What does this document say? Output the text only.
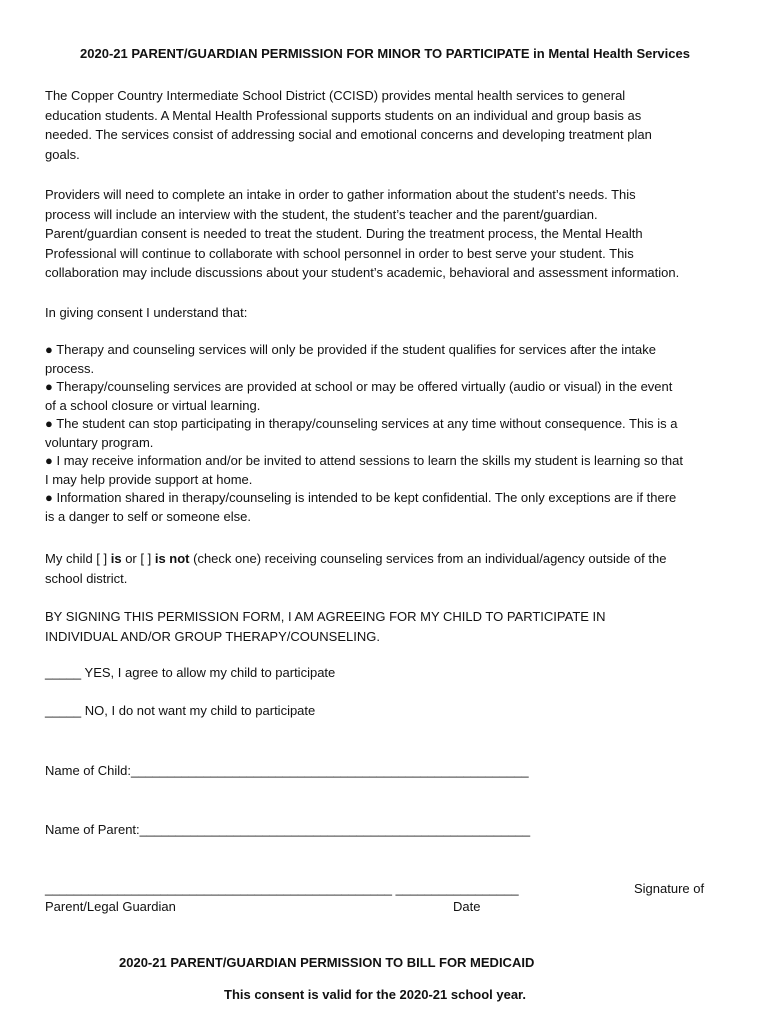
2020-21 PARENT/GUARDIAN PERMISSION FOR MINOR TO PARTICIPATE in Mental Health Services
The Copper Country Intermediate School District (CCISD) provides mental health services to general
education students. A Mental Health Professional supports students on an individual and group basis as
needed. The services consist of addressing social and emotional concerns and developing treatment plan
goals.
Providers will need to complete an intake in order to gather information about the student’s needs. This
process will include an interview with the student, the student’s teacher and the parent/guardian.
Parent/guardian consent is needed to treat the student. During the treatment process, the Mental Health
Professional will continue to collaborate with school personnel in order to best serve your student. This
collaboration may include discussions about your student’s academic, behavioral and assessment information.
In giving consent I understand that:
● Therapy and counseling services will only be provided if the student qualifies for services after the intake
process.
● Therapy/counseling services are provided at school or may be offered virtually (audio or visual) in the event
of a school closure or virtual learning.
● The student can stop participating in therapy/counseling services at any time without consequence. This is a
voluntary program.
● I may receive information and/or be invited to attend sessions to learn the skills my student is learning so that
I may help provide support at home.
● Information shared in therapy/counseling is intended to be kept confidential. The only exceptions are if there
is a danger to self or someone else.
My child [ ] is or [ ] is not (check one) receiving counseling services from an individual/agency outside of the
school district.
BY SIGNING THIS PERMISSION FORM, I AM AGREEING FOR MY CHILD TO PARTICIPATE IN
INDIVIDUAL AND/OR GROUP THERAPY/COUNSELING.
_____ YES, I agree to allow my child to participate
_____ NO, I do not want my child to participate
Name of Child:_______________________________________________________
Name of Parent:______________________________________________________
________________________________________________ _________________	Signature of
Parent/Legal Guardian	Date
2020-21 PARENT/GUARDIAN PERMISSION TO BILL FOR MEDICAID
This consent is valid for the 2020-21 school year.
